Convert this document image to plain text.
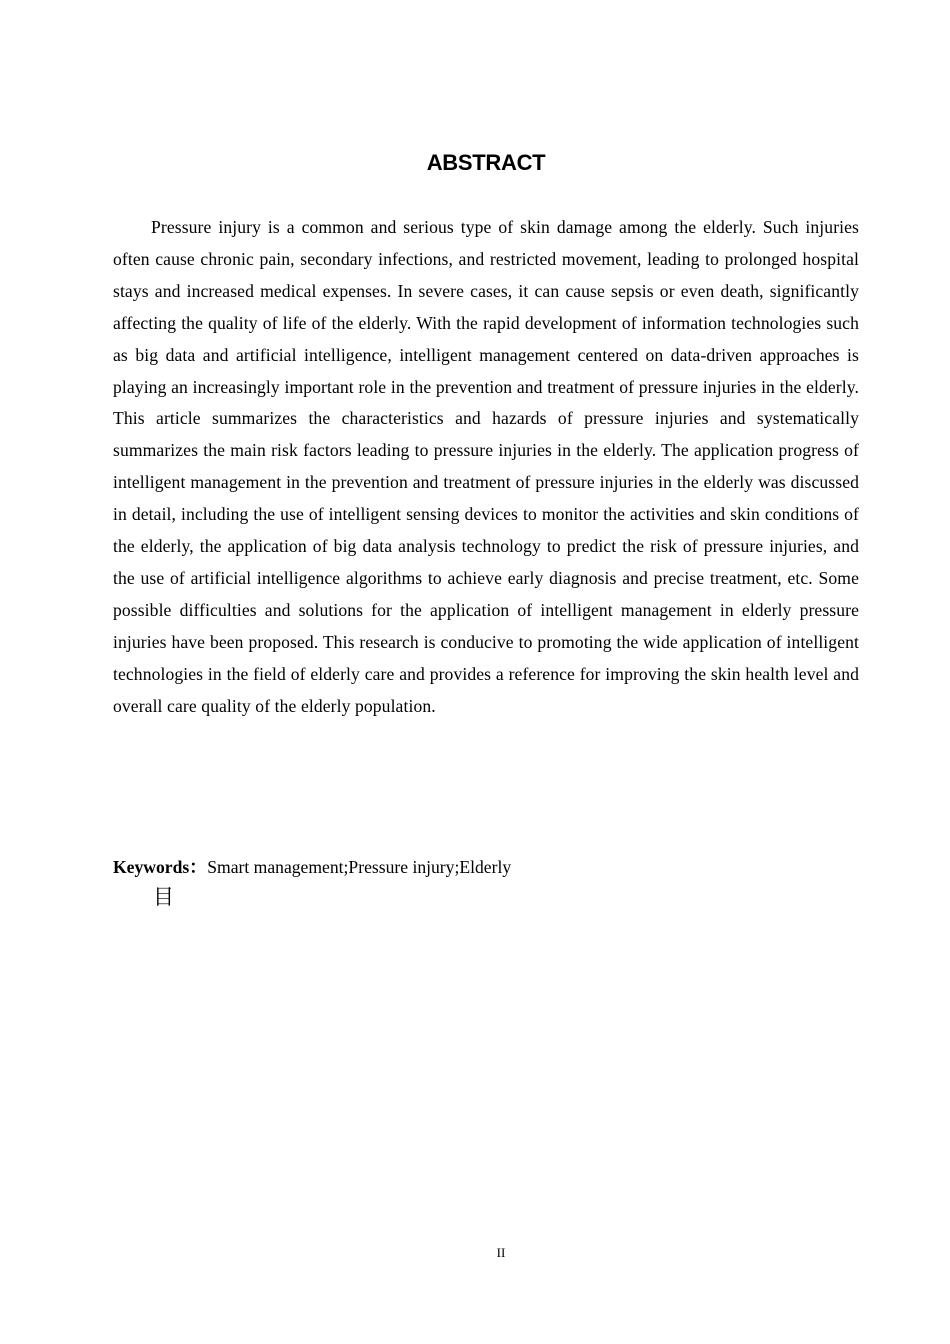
ABSTRACT

Pressure injury is a common and serious type of skin damage among the elderly. Such injuries often cause chronic pain, secondary infections, and restricted movement, leading to prolonged hospital stays and increased medical expenses. In severe cases, it can cause sepsis or even death, significantly affecting the quality of life of the elderly. With the rapid development of information technologies such as big data and artificial intelligence, intelligent management centered on data-driven approaches is playing an increasingly important role in the prevention and treatment of pressure injuries in the elderly. This article summarizes the characteristics and hazards of pressure injuries and systematically summarizes the main risk factors leading to pressure injuries in the elderly. The application progress of intelligent management in the prevention and treatment of pressure injuries in the elderly was discussed in detail, including the use of intelligent sensing devices to monitor the activities and skin conditions of the elderly, the application of big data analysis technology to predict the risk of pressure injuries, and the use of artificial intelligence algorithms to achieve early diagnosis and precise treatment, etc. Some possible difficulties and solutions for the application of intelligent management in elderly pressure injuries have been proposed. This research is conducive to promoting the wide application of intelligent technologies in the field of elderly care and provides a reference for improving the skin health level and overall care quality of the elderly population.

Keywords：Smart management;Pressure injury;Elderly

目
II
